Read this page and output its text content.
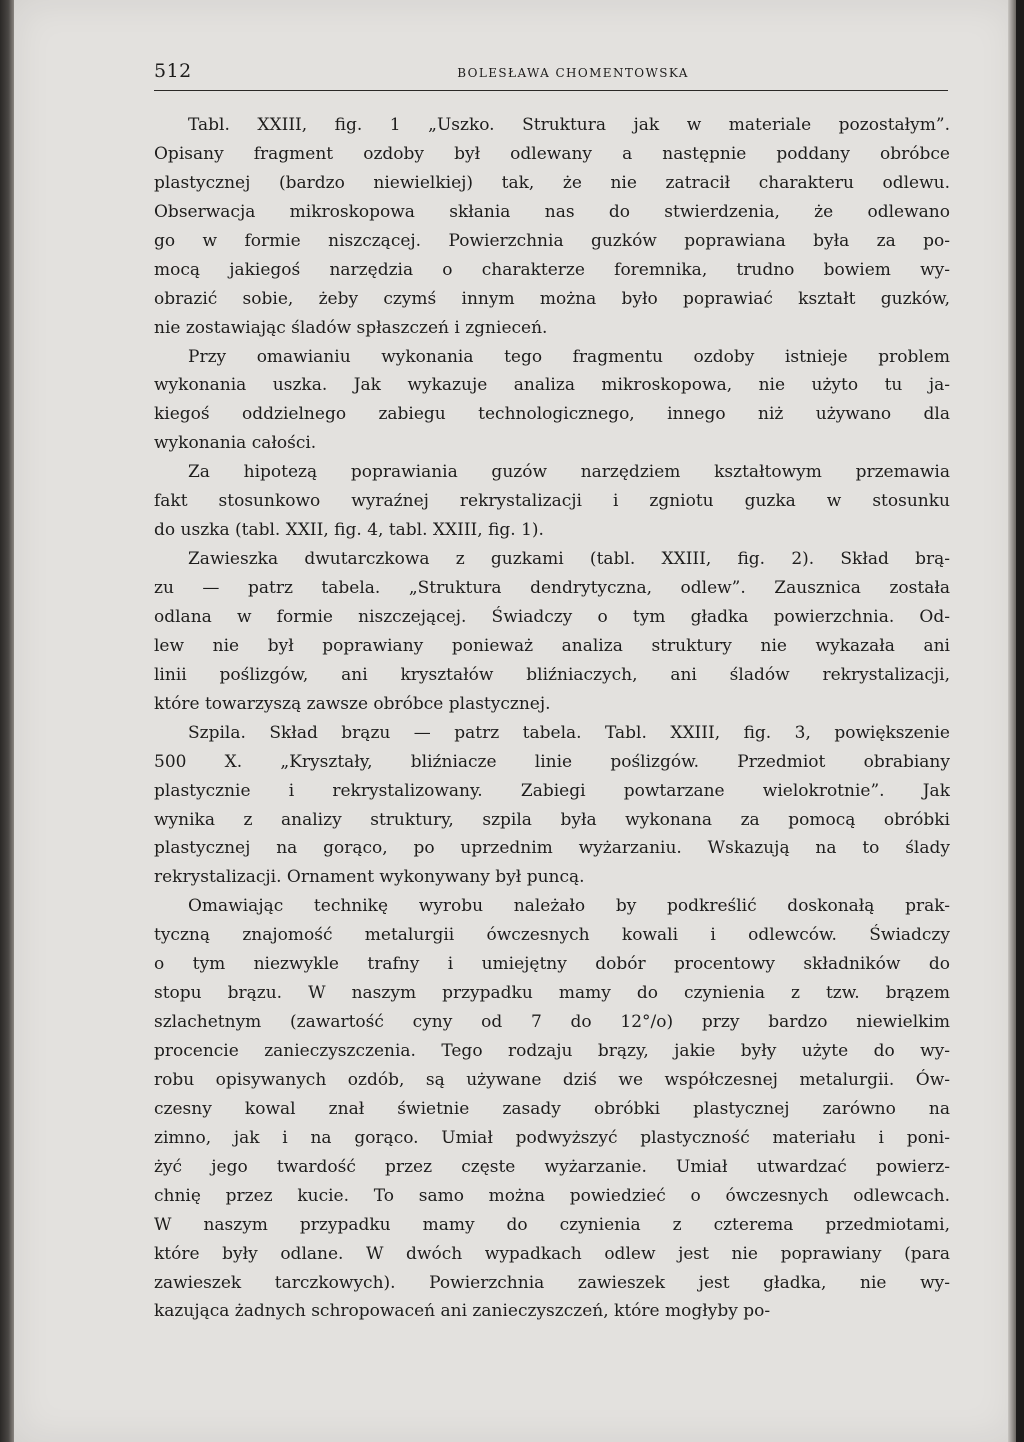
512	BOLESŁAWA CHOMENTOWSKA
Tabl. XXIII, fig. 1 „Uszko. Struktura jak w materiale pozostałym”.
Opisany fragment ozdoby był odlewany a następnie poddany obróbce
plastycznej (bardzo niewielkiej) tak, że nie zatracił charakteru odlewu.
Obserwacja mikroskopowa skłania nas do stwierdzenia, że odlewano
go w formie niszczącej. Powierzchnia guzków poprawiana była za po-
mocą jakiegoś narzędzia o charakterze foremnika, trudno bowiem wy-
obrazić sobie, żeby czymś innym można było poprawiać kształt guzków,
nie zostawiając śladów spłaszczeń i zgnieceń.
Przy omawianiu wykonania tego fragmentu ozdoby istnieje problem
wykonania uszka. Jak wykazuje analiza mikroskopowa, nie użyto tu ja-
kiegoś oddzielnego zabiegu technologicznego, innego niż używano dla
wykonania całości.
Za hipotezą poprawiania guzów narzędziem kształtowym przemawia
fakt stosunkowo wyraźnej rekrystalizacji i zgniotu guzka w stosunku
do uszka (tabl. XXII, fig. 4, tabl. XXIII, fig. 1).
Zawieszka dwutarczkowa z guzkami (tabl. XXIII, fig. 2). Skład brą-
zu — patrz tabela. „Struktura dendrytyczna, odlew”. Zausznica została
odlana w formie niszczejącej. Świadczy o tym gładka powierzchnia. Od-
lew nie był poprawiany ponieważ analiza struktury nie wykazała ani
linii poślizgów, ani kryształów bliźniaczych, ani śladów rekrystalizacji,
które towarzyszą zawsze obróbce plastycznej.
Szpila. Skład brązu — patrz tabela. Tabl. XXIII, fig. 3, powiększenie
500 X. „Kryształy, bliźniacze linie poślizgów. Przedmiot obrabiany
plastycznie i rekrystalizowany. Zabiegi powtarzane wielokrotnie”. Jak
wynika z analizy struktury, szpila była wykonana za pomocą obróbki
plastycznej na gorąco, po uprzednim wyżarzaniu. Wskazują na to ślady
rekrystalizacji. Ornament wykonywany był puncą.
Omawiając technikę wyrobu należało by podkreślić doskonałą prak-
tyczną znajomość metalurgii ówczesnych kowali i odlewców. Świadczy
o tym niezwykle trafny i umiejętny dobór procentowy składników do
stopu brązu. W naszym przypadku mamy do czynienia z tzw. brązem
szlachetnym (zawartość cyny od 7 do 12°/o) przy bardzo niewielkim
procencie zanieczyszczenia. Tego rodzaju brązy, jakie były użyte do wy-
robu opisywanych ozdób, są używane dziś we współczesnej metalurgii. Ów-
czesny kowal znał świetnie zasady obróbki plastycznej zarówno na
zimno, jak i na gorąco. Umiał podwyższyć plastyczność materiału i poni-
żyć jego twardość przez częste wyżarzanie. Umiał utwardzać powierz-
chnię przez kucie. To samo można powiedzieć o ówczesnych odlewcach.
W naszym przypadku mamy do czynienia z czterema przedmiotami,
które były odlane. W dwóch wypadkach odlew jest nie poprawiany (para
zawieszek tarczkowych). Powierzchnia zawieszek jest gładka, nie wy-
kazująca żadnych schropowaceń ani zanieczyszczeń, które mogłyby po-
